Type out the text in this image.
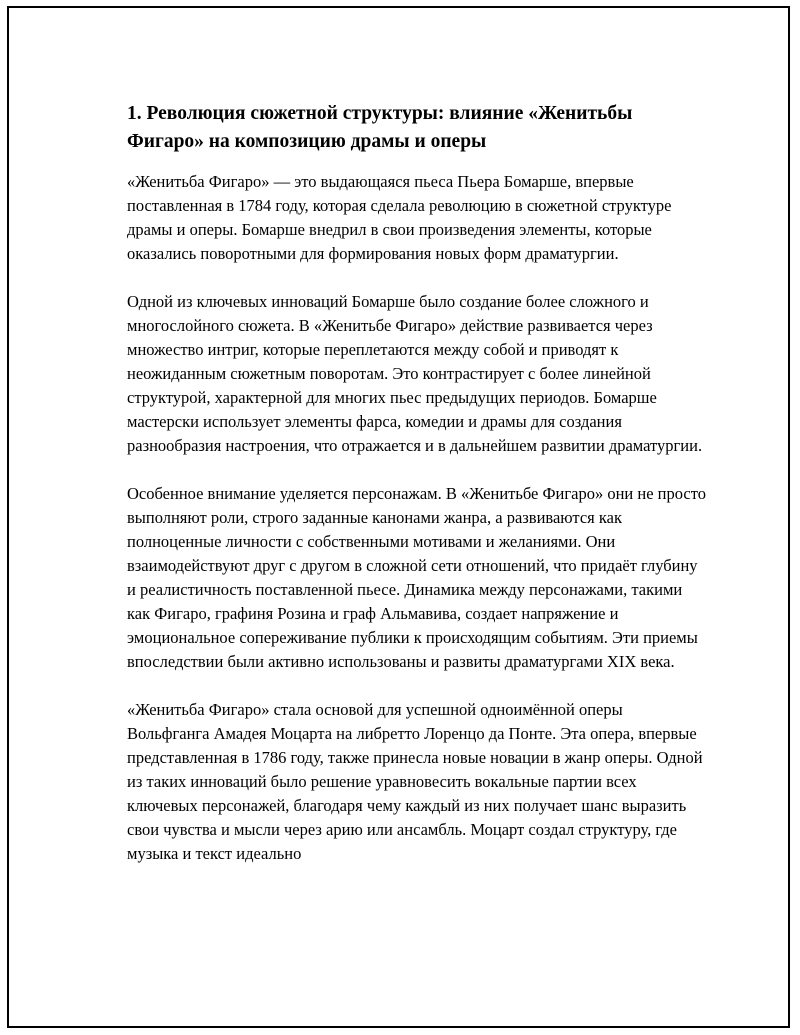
1. Революция сюжетной структуры: влияние «Женитьбы Фигаро» на композицию драмы и оперы

«Женитьба Фигаро» — это выдающаяся пьеса Пьера Бомарше, впервые поставленная в 1784 году, которая сделала революцию в сюжетной структуре драмы и оперы. Бомарше внедрил в свои произведения элементы, которые оказались поворотными для формирования новых форм драматургии.

Одной из ключевых инноваций Бомарше было создание более сложного и многослойного сюжета. В «Женитьбе Фигаро» действие развивается через множество интриг, которые переплетаются между собой и приводят к неожиданным сюжетным поворотам. Это контрастирует с более линейной структурой, характерной для многих пьес предыдущих периодов. Бомарше мастерски использует элементы фарса, комедии и драмы для создания разнообразия настроения, что отражается и в дальнейшем развитии драматургии.

Особенное внимание уделяется персонажам. В «Женитьбе Фигаро» они не просто выполняют роли, строго заданные канонами жанра, а развиваются как полноценные личности с собственными мотивами и желаниями. Они взаимодействуют друг с другом в сложной сети отношений, что придаёт глубину и реалистичность поставленной пьесе. Динамика между персонажами, такими как Фигаро, графиня Розина и граф Альмавива, создает напряжение и эмоциональное сопереживание публики к происходящим событиям. Эти приемы впоследствии были активно использованы и развиты драматургами XIX века.

«Женитьба Фигаро» стала основой для успешной одноимённой оперы Вольфганга Амадея Моцарта на либретто Лоренцо да Понте. Эта опера, впервые представленная в 1786 году, также принесла новые новации в жанр оперы. Одной из таких инноваций было решение уравновесить вокальные партии всех ключевых персонажей, благодаря чему каждый из них получает шанс выразить свои чувства и мысли через арию или ансамбль. Моцарт создал структуру, где музыка и текст идеально
